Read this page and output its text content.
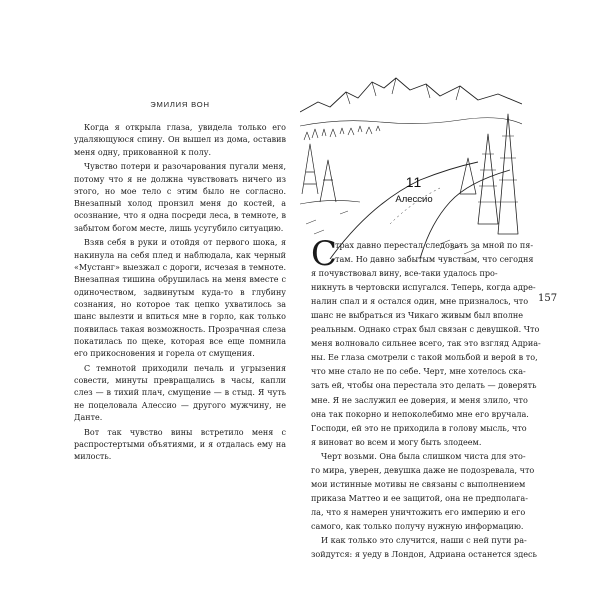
ЭМИЛИЯ ВОН

Когда я открыла глаза, увидела только его удаляющуюся спину. Он вышел из дома, оставив меня одну, прикованной к полу.

Чувство потери и разочарования пугали меня, потому что я не должна чувствовать ничего из этого, но мое тело с этим было не согласно. Внезапный холод пронзил меня до костей, а осознание, что я одна посреди леса, в темноте, в забытом богом месте, лишь усугубило ситуацию.

Взяв себя в руки и отойдя от первого шока, я накинула на себя плед и наблюдала, как черный «Мустанг» выезжал с дороги, исчезая в темноте. Внезапная тишина обрушилась на меня вместе с одиночеством, задвинутым куда-то в глубину сознания, но которое так цепко ухватилось за шанс вылезти и впиться мне в горло, как только появилась такая возможность. Прозрачная слеза покатилась по щеке, которая все еще помнила его прикосновения и горела от смущения.

С темнотой приходили печаль и угрызения совести, минуты превращались в часы, капли слез — в тихий плач, смущение — в стыд. Я чуть не поцеловала Алессио — другого мужчину, не Данте.

Вот так чувство вины встретило меня с распростертыми объятиями, и я отдалась ему на милость.

11
Алессио
С
трах давно перестал следовать за мной по пя-
там. Но давно забытым чувствам, что сегодня
я почувствовал вину, все-таки удалось про-
никнуть в чертовски испугался. Теперь, когда адре-
налин спал и я остался один, мне призналось, что
шанс не выбраться из Чикаго живым был вполне
реальным. Однако страх был связан с девушкой. Что
меня волновало сильнее всего, так это взгляд Адриа-
ны. Ее глаза смотрели с такой мольбой и верой в то,
что мне стало не по себе. Черт, мне хотелось ска-
зать ей, чтобы она перестала это делать — доверять
мне. Я не заслужил ее доверия, и меня злило, что
она так покорно и непоколебимо мне его вручала.
Господи, ей это не приходила в голову мысль, что
я виноват во всем и могу быть злодеем.
Черт возьми. Она была слишком чиста для это-
го мира, уверен, девушка даже не подозревала, что
мои истинные мотивы не связаны с выполнением
приказа Маттео и ее защитой, она не предполага-
ла, что я намерен уничтожить его империю и его
самого, как только получу нужную информацию.
И как только это случится, наши с ней пути ра-
зойдутся: я уеду в Лондон, Адриана останется здесь
157
